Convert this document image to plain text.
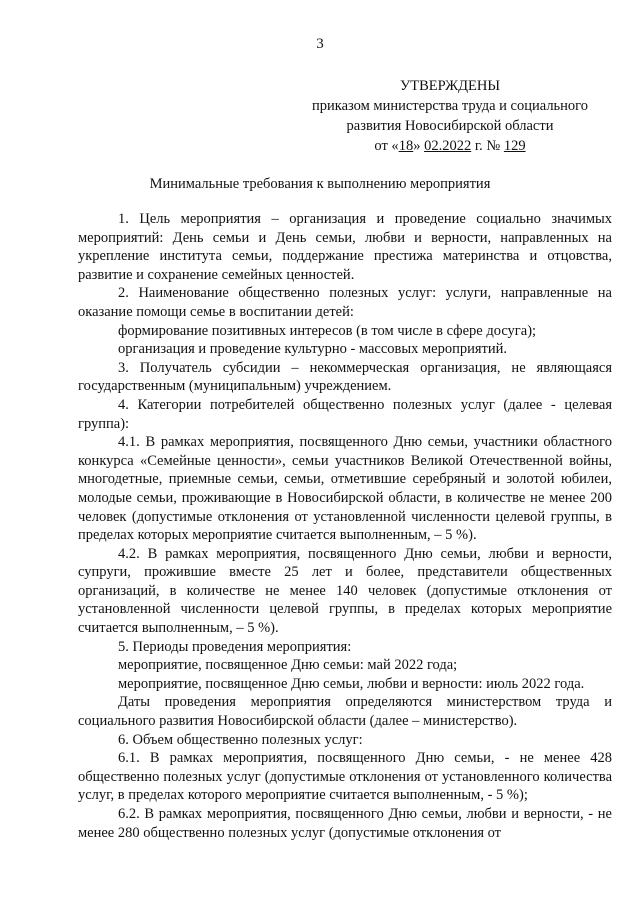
3
УТВЕРЖДЕНЫ
приказом министерства труда и социального
развития Новосибирской области
от «18» 02.2022 г. № 129
Минимальные требования к выполнению мероприятия

1. Цель мероприятия – организация и проведение социально значимых мероприятий: День семьи и День семьи, любви и верности, направленных на укрепление института семьи, поддержание престижа материнства и отцовства, развитие и сохранение семейных ценностей.

2. Наименование общественно полезных услуг: услуги, направленные на оказание помощи семье в воспитании детей:

формирование позитивных интересов (в том числе в сфере досуга);

организация и проведение культурно - массовых мероприятий.

3. Получатель субсидии – некоммерческая организация, не являющаяся государственным (муниципальным) учреждением.

4. Категории потребителей общественно полезных услуг (далее - целевая группа):

4.1. В рамках мероприятия, посвященного Дню семьи, участники областного конкурса «Семейные ценности», семьи участников Великой Отечественной войны, многодетные, приемные семьи, семьи, отметившие серебряный и золотой юбилеи, молодые семьи, проживающие в Новосибирской области, в количестве не менее 200 человек (допустимые отклонения от установленной численности целевой группы, в пределах которых мероприятие считается выполненным, – 5 %).

4.2. В рамках мероприятия, посвященного Дню семьи, любви и верности, супруги, прожившие вместе 25 лет и более, представители общественных организаций, в количестве не менее 140 человек (допустимые отклонения от установленной численности целевой группы, в пределах которых мероприятие считается выполненным, – 5 %).

5. Периоды проведения мероприятия:

мероприятие, посвященное Дню семьи: май 2022 года;

мероприятие, посвященное Дню семьи, любви и верности: июль 2022 года.

Даты проведения мероприятия определяются министерством труда и социального развития Новосибирской области (далее – министерство).

6. Объем общественно полезных услуг:

6.1. В рамках мероприятия, посвященного Дню семьи, - не менее 428 общественно полезных услуг (допустимые отклонения от установленного количества услуг, в пределах которого мероприятие считается выполненным, - 5 %);

6.2. В рамках мероприятия, посвященного Дню семьи, любви и верности, - не менее 280 общественно полезных услуг (допустимые отклонения от
